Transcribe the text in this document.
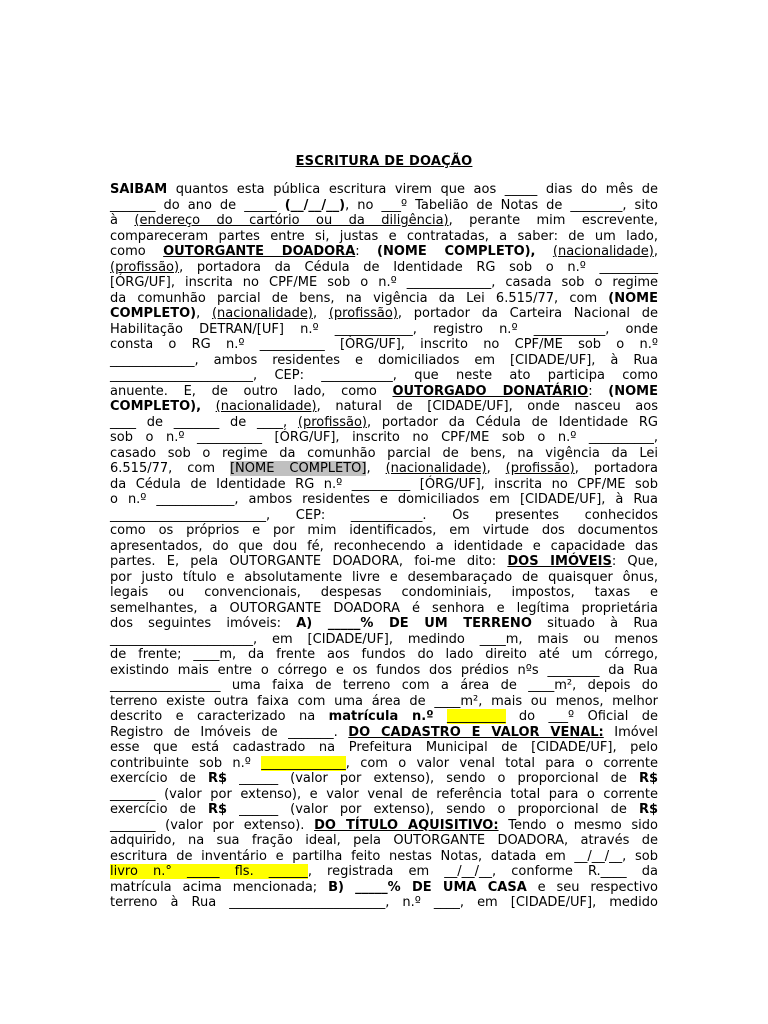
ESCRITURA DE DOAÇÃO
SAIBAM quantos esta pública escritura virem que aos _____ dias do mês de
_______ do ano de _____ (__/__/__), no ___º Tabelião de Notas de ________, sito
à (endereço do cartório ou da diligência), perante mim escrevente,
compareceram partes entre si, justas e contratadas, a saber: de um lado,
como OUTORGANTE DOADORA: (NOME COMPLETO), (nacionalidade),
(profissão), portadora da Cédula de Identidade RG sob o n.º _________
[ÓRG/UF], inscrita no CPF/ME sob o n.º _____________, casada sob o regime
da comunhão parcial de bens, na vigência da Lei 6.515/77, com (NOME
COMPLETO), (nacionalidade), (profissão), portador da Carteira Nacional de
Habilitação DETRAN/[UF] n.º ____________, registro n.º ___________, onde
consta o RG n.º __________ [ÓRG/UF], inscrito no CPF/ME sob o n.º
_____________, ambos residentes e domiciliados em [CIDADE/UF], à Rua
______________________, CEP: ___________, que neste ato participa como
anuente. E, de outro lado, como OUTORGADO DONATÁRIO: (NOME
COMPLETO), (nacionalidade), natural de [CIDADE/UF], onde nasceu aos
____ de _______ de ____, (profissão), portador da Cédula de Identidade RG
sob o n.º __________ [ÓRG/UF], inscrito no CPF/ME sob o n.º __________,
casado sob o regime da comunhão parcial de bens, na vigência da Lei
6.515/77, com [NOME COMPLETO], (nacionalidade), (profissão), portadora
da Cédula de Identidade RG n.º _________ [ÓRG/UF], inscrita no CPF/ME sob
o n.º ____________, ambos residentes e domiciliados em [CIDADE/UF], à Rua
________________________, CEP: ___________. Os presentes conhecidos
como os próprios e por mim identificados, em virtude dos documentos
apresentados, do que dou fé, reconhecendo a identidade e capacidade das
partes. E, pela OUTORGANTE DOADORA, foi-me dito: DOS IMÓVEIS: Que,
por justo título e absolutamente livre e desembaraçado de quaisquer ônus,
legais ou convencionais, despesas condominiais, impostos, taxas e
semelhantes, a OUTORGANTE DOADORA é senhora e legítima proprietária
dos seguintes imóveis: A) _____% DE UM TERRENO situado à Rua
______________________, em [CIDADE/UF], medindo ____m, mais ou menos
de frente; ____m, da frente aos fundos do lado direito até um córrego,
existindo mais entre o córrego e os fundos dos prédios nºs ________ da Rua
_________________ uma faixa de terreno com a área de ____m², depois do
terreno existe outra faixa com uma área de ____m², mais ou menos, melhor
descrito e caracterizado na matrícula n.º _________ do ___º Oficial de
Registro de Imóveis de _______. DO CADASTRO E VALOR VENAL: Imóvel
esse que está cadastrado na Prefeitura Municipal de [CIDADE/UF], pelo
contribuinte sob n.º _____________, com o valor venal total para o corrente
exercício de R$ ______ (valor por extenso), sendo o proporcional de R$
_______ (valor por extenso), e valor venal de referência total para o corrente
exercício de R$ ______ (valor por extenso), sendo o proporcional de R$
_______ (valor por extenso). DO TÍTULO AQUISITIVO: Tendo o mesmo sido
adquirido, na sua fração ideal, pela OUTORGANTE DOADORA, através de
escritura de inventário e partilha feito nestas Notas, datada em __/__/__, sob
livro n.° _____ fls. ______, registrada em __/__/__, conforme R.____ da
matrícula acima mencionada; B) _____% DE UMA CASA e seu respectivo
terreno à Rua ________________________, n.º ____, em [CIDADE/UF], medido
